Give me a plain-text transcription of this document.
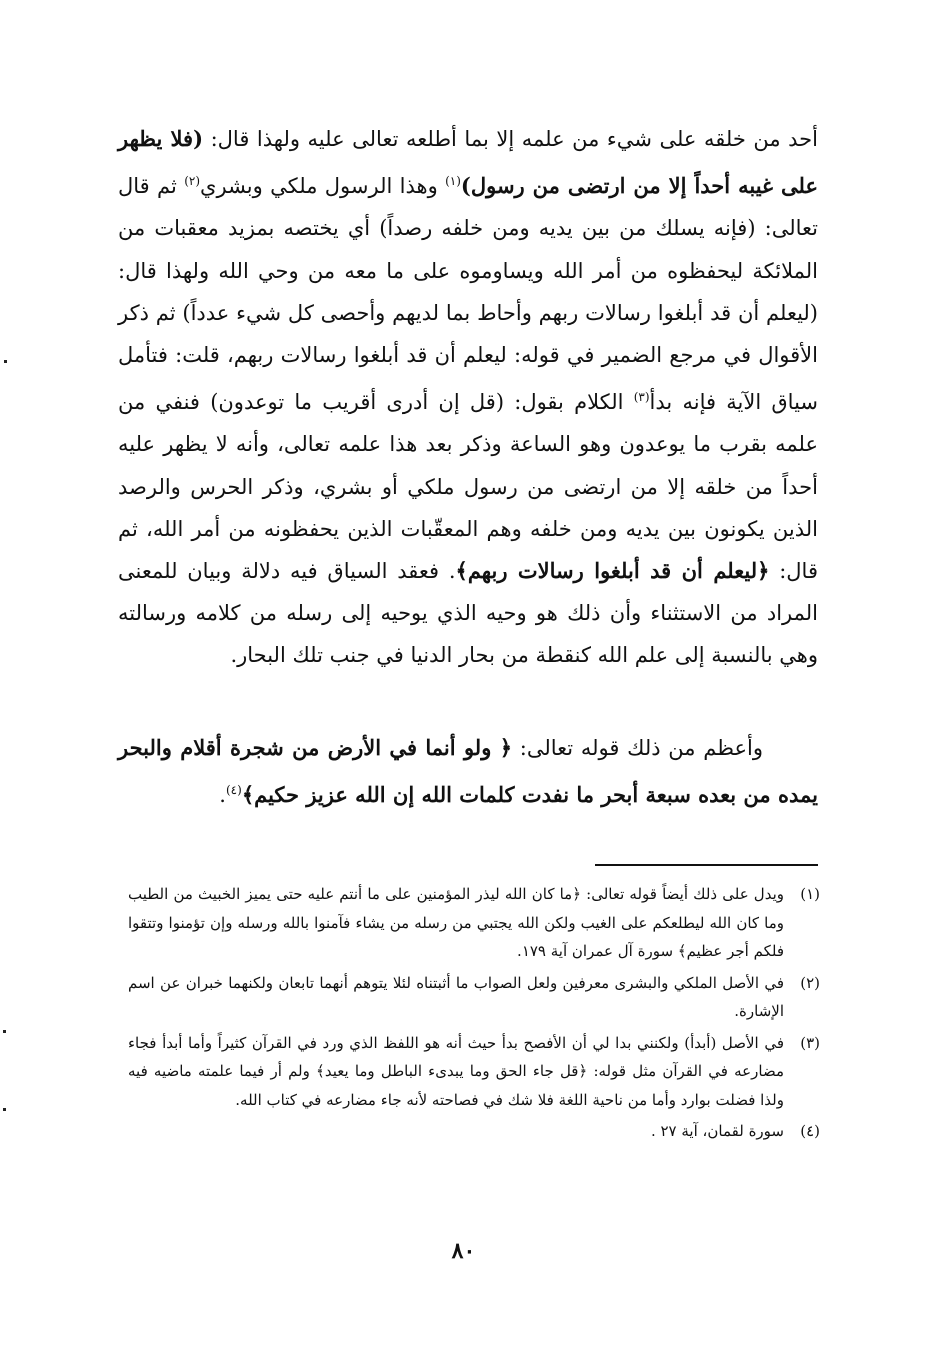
أحد من خلقه على شيء من علمه إلا بما أطلعه تعالى عليه ولهذا قال: (فلا يظهر على غيبه أحداً إلا من ارتضى من رسول)$^{(١)}$ وهذا الرسول ملكي وبشري$^{(٢)}$ ثم قال تعالى: (فإنه يسلك من بين يديه ومن خلفه رصداً) أي يختصه بمزيد معقبات من الملائكة ليحفظوه من أمر الله ويساوموه على ما معه من وحي الله ولهذا قال: (ليعلم أن قد أبلغوا رسالات ربهم وأحاط بما لديهم وأحصى كل شيء عدداً) ثم ذكر الأقوال في مرجع الضمير في قوله: ليعلم أن قد أبلغوا رسالات ربهم، قلت: فتأمل سياق الآية فإنه بدأ$^{(٣)}$ الكلام بقول: (قل إن أدرى أقريب ما توعدون) فنفي من علمه بقرب ما يوعدون وهو الساعة وذكر بعد هذا علمه تعالى، وأنه لا يظهر عليه أحداً من خلقه إلا من ارتضى من رسول ملكي أو بشري، وذكر الحرس والرصد الذين يكونون بين يديه ومن خلفه وهم المعقّبات الذين يحفظونه من أمر الله، ثم قال: ﴿ليعلم أن قد أبلغوا رسالات ربهم﴾. فعقد السياق فيه دلالة وبيان للمعنى المراد من الاستثناء وأن ذلك هو وحيه الذي يوحيه إلى رسله من كلامه ورسالته وهي بالنسبة إلى علم الله كنقطة من بحار الدنيا في جنب تلك البحار.

وأعظم من ذلك قوله تعالى: ﴿ ولو أنما في الأرض من شجرة أقلام والبحر يمده من بعده سبعة أبحر ما نفدت كلمات الله إن الله عزيز حكيم﴾$^{(٤)}$.

(١)
ويدل على ذلك أيضاً قوله تعالى: ﴿ما كان الله ليذر المؤمنين على ما أنتم عليه حتى يميز الخبيث من الطيب وما كان الله ليطلعكم على الغيب ولكن الله يجتبي من رسله من يشاء فآمنوا بالله ورسله وإن تؤمنوا وتتقوا فلكم أجر عظيم﴾ سورة آل عمران آية ١٧٩.
(٢)
في الأصل الملكي والبشرى معرفين ولعل الصواب ما أثبتناه لئلا يتوهم أنهما تابعان ولكنهما خبران عن اسم الإشارة.
(٣)
في الأصل (أبدأ) ولكنني بدا لي أن الأفصح بدأ حيث أنه هو اللفظ الذي ورد في القرآن كثيراً وأما أبدأ فجاء مضارعه في القرآن مثل قوله: ﴿قل جاء الحق وما يبدىء الباطل وما يعيد﴾ ولم أر فيما علمته ماضيه فيه ولذا فضلت بوارد وأما من ناحية اللغة فلا شك في فصاحته لأنه جاء مضارعه في كتاب الله.
(٤)
سورة لقمان، آية ٢٧ .
٨٠
